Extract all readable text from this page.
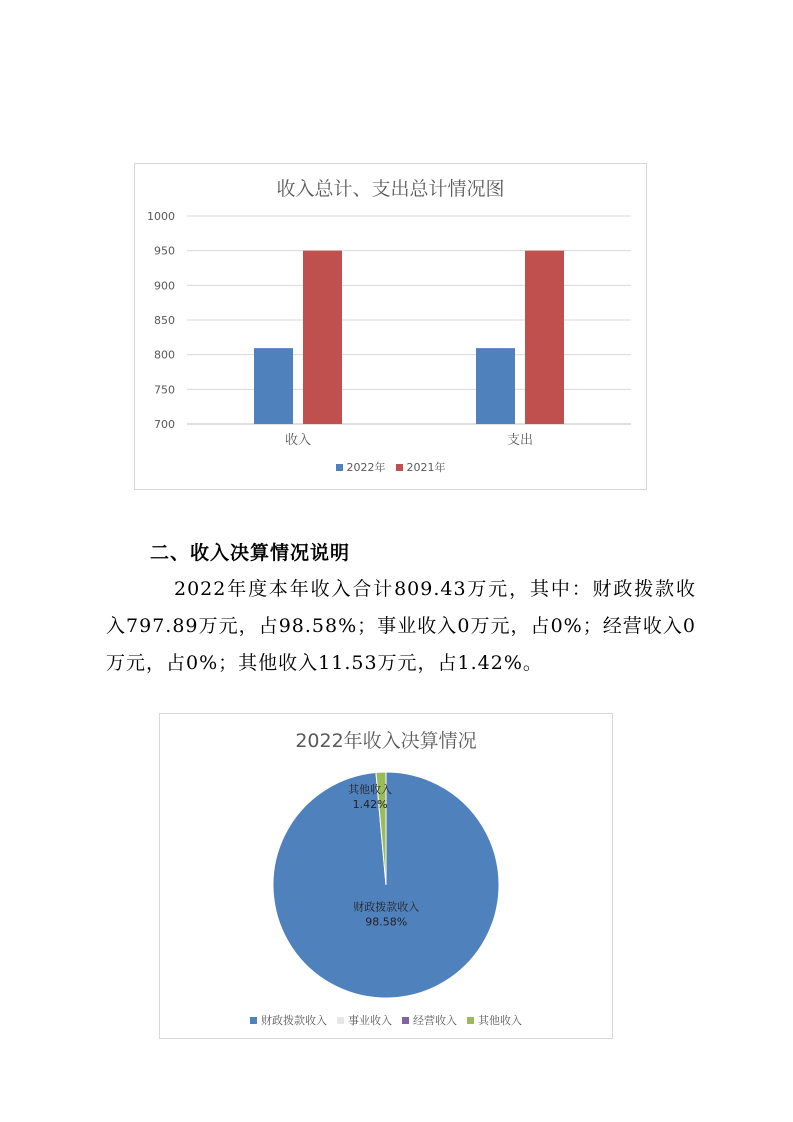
收入总计、支出总计情况图
700
750
800
850
900
950
1000
收入	支出
2022年 2021年
二、收入决算情况说明
2022年度本年收入合计809.43万元，其中：财政拨款收入797.89万元，占98.58%；事业收入0万元，占0%；经营收入0万元，占0%；其他收入11.53万元，占1.42%。
2022年收入决算情况
财政拨款收入
98.58%
其他收入
1.42%
财政拨款收入 事业收入 经营收入 其他收入
